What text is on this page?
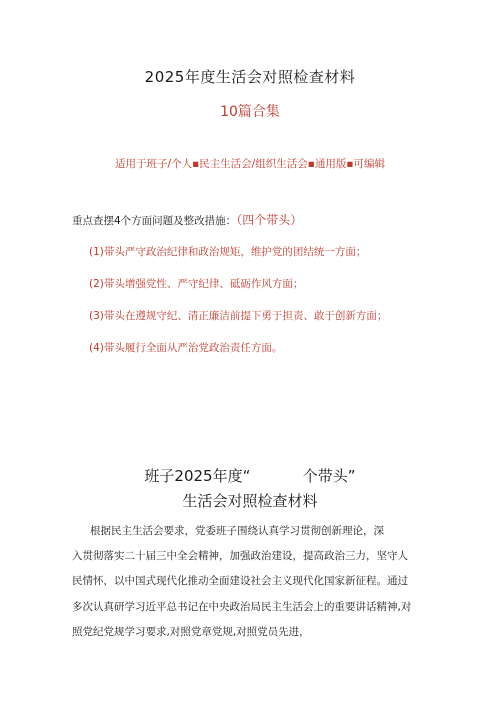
2025年度生活会对照检查材料
10篇合集
适用于班子/个人▪民主生活会/组织生活会▪通用版▪可编辑
重点查摆4个方面问题及整改措施：（四个带头）
(1)带头严守政治纪律和政治规矩，维护党的团结统一方面；
(2)带头增强党性、严守纪律、砥砺作风方面；
(3)带头在遵规守纪、清正廉洁前提下勇于担责、敢于创新方面；
(4)带头履行全面从严治党政治责任方面。
班子2025年度“           个带头”
生活会对照检查材料
根据民主生活会要求，党委班子围绕认真学习贯彻创新理论，深
入贯彻落实二十届三中全会精神，加强政治建设，提高政治三力，坚守人
民情怀，以中国式现代化推动全面建设社会主义现代化国家新征程。通过
多次认真研学习近平总书记在中央政治局民主生活会上的重要讲话精神,对
照党纪党规学习要求,对照党章党规,对照党员先进，
